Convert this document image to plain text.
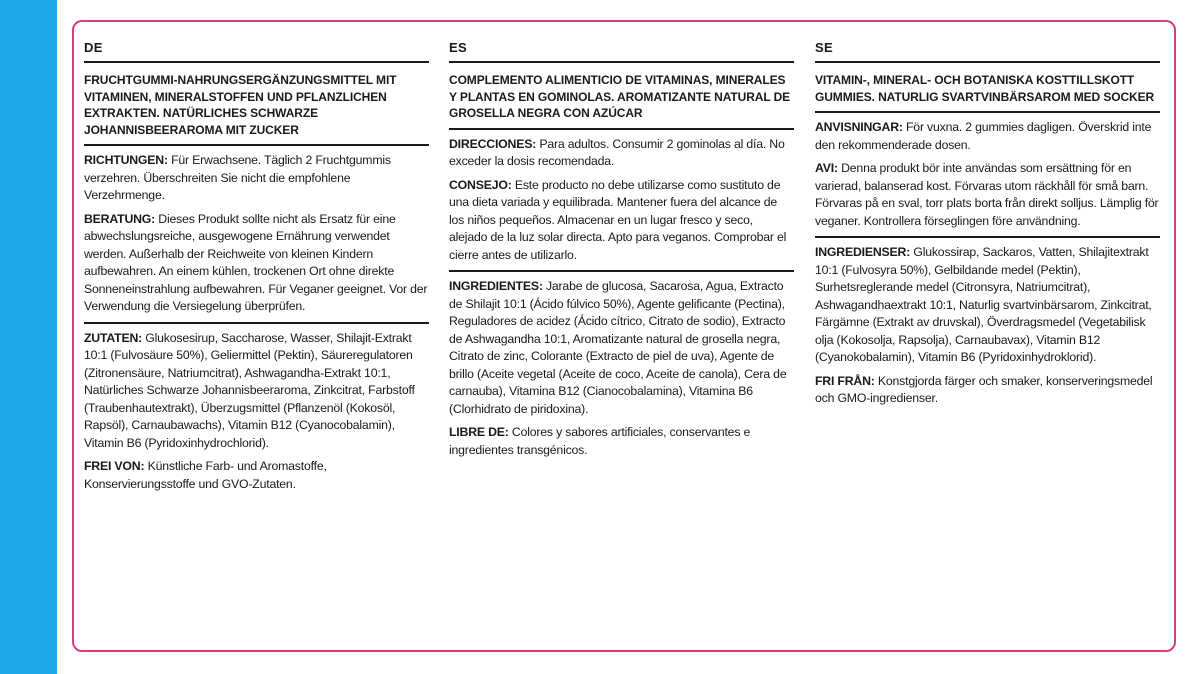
DE
FRUCHTGUMMI-NAHRUNGSERGÄNZUNGSMITTEL MIT VITAMINEN, MINERALSTOFFEN UND PFLANZLICHEN EXTRAKTEN. NATÜRLICHES SCHWARZE JOHANNISBEERAROMA MIT ZUCKER
RICHTUNGEN: Für Erwachsene. Täglich 2 Fruchtgummis verzehren. Überschreiten Sie nicht die empfohlene Verzehrmenge.
BERATUNG: Dieses Produkt sollte nicht als Ersatz für eine abwechslungsreiche, ausgewogene Ernährung verwendet werden. Außerhalb der Reichweite von kleinen Kindern aufbewahren. An einem kühlen, trockenen Ort ohne direkte Sonneneinstrahlung aufbewahren. Für Veganer geeignet. Vor der Verwendung die Versiegelung überprüfen.
ZUTATEN: Glukosesirup, Saccharose, Wasser, Shilajit-Extrakt 10:1 (Fulvosäure 50%), Geliermittel (Pektin), Säureregulatoren (Zitronensäure, Natriumcitrat), Ashwagandha-Extrakt 10:1, Natürliches Schwarze Johannisbeeraroma, Zinkcitrat, Farbstoff (Traubenhautextrakt), Überzugsmittel (Pflanzenöl (Kokosöl, Rapsöl), Carnaubawachs), Vitamin B12 (Cyanocobalamin), Vitamin B6 (Pyridoxinhydrochlorid).
FREI VON: Künstliche Farb- und Aromastoffe, Konservierungsstoffe und GVO-Zutaten.
ES
COMPLEMENTO ALIMENTICIO DE VITAMINAS, MINERALES Y PLANTAS EN GOMINOLAS. AROMATIZANTE NATURAL DE GROSELLA NEGRA CON AZÚCAR
DIRECCIONES: Para adultos. Consumir 2 gominolas al día. No exceder la dosis recomendada.
CONSEJO: Este producto no debe utilizarse como sustituto de una dieta variada y equilibrada. Mantener fuera del alcance de los niños pequeños. Almacenar en un lugar fresco y seco, alejado de la luz solar directa. Apto para veganos. Comprobar el cierre antes de utilizarlo.
INGREDIENTES: Jarabe de glucosa, Sacarosa, Agua, Extracto de Shilajit 10:1 (Ácido fúlvico 50%), Agente gelificante (Pectina), Reguladores de acidez (Ácido cítrico, Citrato de sodio), Extracto de Ashwagandha 10:1, Aromatizante natural de grosella negra, Citrato de zinc, Colorante (Extracto de piel de uva), Agente de brillo (Aceite vegetal (Aceite de coco, Aceite de canola), Cera de carnauba), Vitamina B12 (Cianocobalamina), Vitamina B6 (Clorhidrato de piridoxina).
LIBRE DE: Colores y sabores artificiales, conservantes e ingredientes transgénicos.
SE
VITAMIN-, MINERAL- OCH BOTANISKA KOSTTILLSKOTT GUMMIES. NATURLIG SVARTVINBÄRSAROM MED SOCKER
ANVISNINGAR: För vuxna. 2 gummies dagligen. Överskrid inte den rekommenderade dosen.
AVI: Denna produkt bör inte användas som ersättning för en varierad, balanserad kost. Förvaras utom räckhåll för små barn. Förvaras på en sval, torr plats borta från direkt solljus. Lämplig för veganer. Kontrollera förseglingen före användning.
INGREDIENSER: Glukossirap, Sackaros, Vatten, Shilajitextrakt 10:1 (Fulvosyra 50%), Gelbildande medel (Pektin), Surhetsreglerande medel (Citronsyra, Natriumcitrat), Ashwagandhaextrakt 10:1, Naturlig svartvinbärsarom, Zinkcitrat, Färgämne (Extrakt av druvskal), Överdragsmedel (Vegetabilisk olja (Kokosolja, Rapsolja), Carnaubavax), Vitamin B12 (Cyanokobalamin), Vitamin B6 (Pyridoxinhydroklorid).
FRI FRÅN: Konstgjorda färger och smaker, konserveringsmedel och GMO-ingredienser.
